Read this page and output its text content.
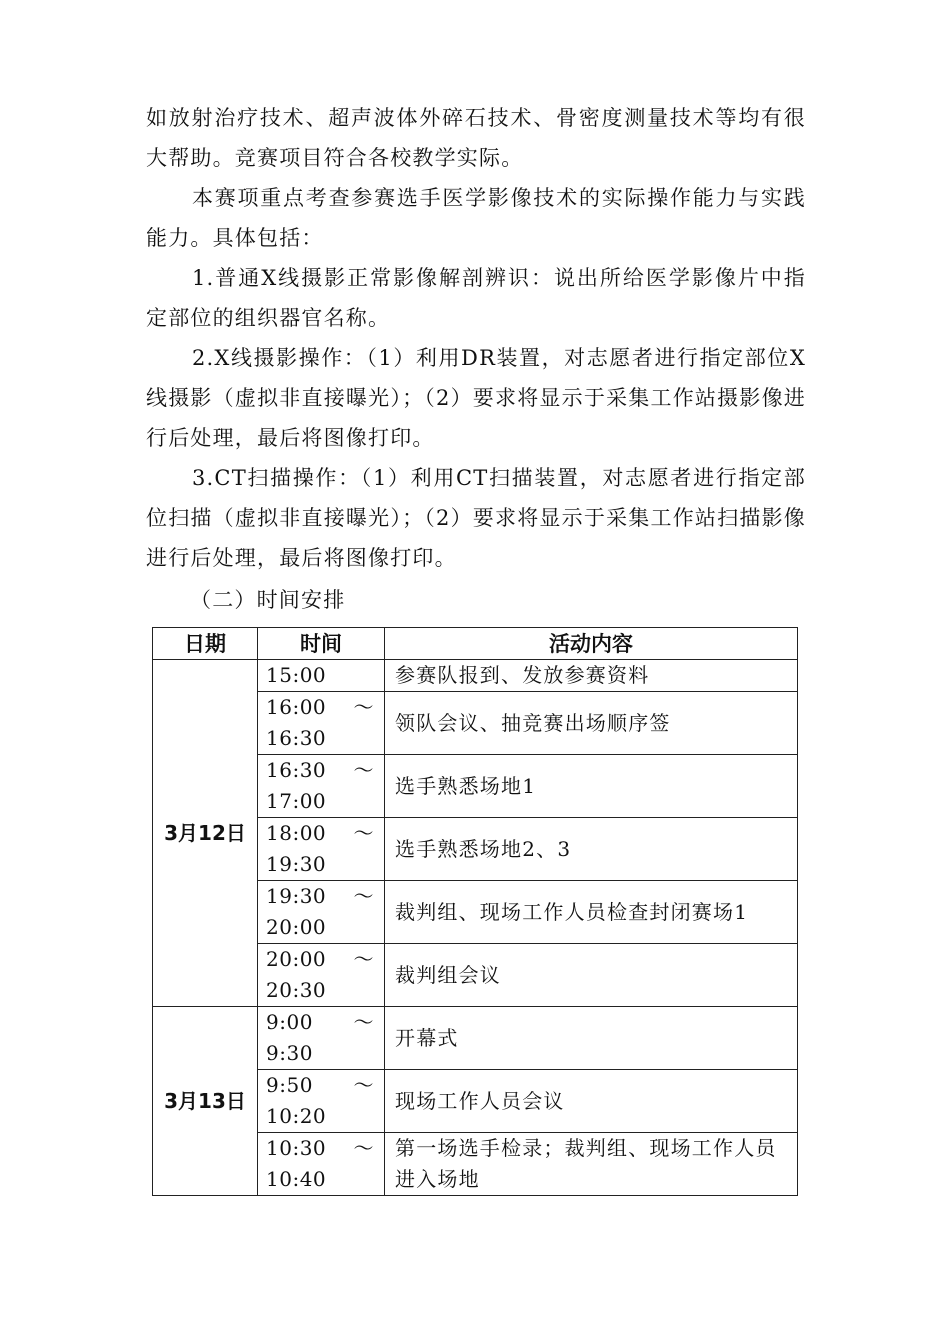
如放射治疗技术、超声波体外碎石技术、骨密度测量技术等均有很大帮助。竞赛项目符合各校教学实际。

本赛项重点考查参赛选手医学影像技术的实际操作能力与实践能力。具体包括：

1.普通X线摄影正常影像解剖辨识：说出所给医学影像片中指定部位的组织器官名称。

2.X线摄影操作：（1）利用DR装置，对志愿者进行指定部位X线摄影（虚拟非直接曝光）；（2）要求将显示于采集工作站摄影像进行后处理，最后将图像打印。

3.CT扫描操作：（1）利用CT扫描装置，对志愿者进行指定部位扫描（虚拟非直接曝光）；（2）要求将显示于采集工作站扫描影像进行后处理，最后将图像打印。

（二）时间安排
日期	时间	活动内容
3月12日	15:00	参赛队报到、发放参赛资料

	16:00 ～
16:30	领队会议、抽竞赛出场顺序签

	16:30 ～
17:00	选手熟悉场地1

	18:00 ～
19:30	选手熟悉场地2、3

	19:30 ～
20:00	裁判组、现场工作人员检查封闭赛场1

	20:00 ～
20:30	裁判组会议
3月13日	9:00 ～
9:30	开幕式

	9:50 ～
10:20	现场工作人员会议

	10:30 ～
10:40	第一场选手检录；裁判组、现场工作人员进入场地
